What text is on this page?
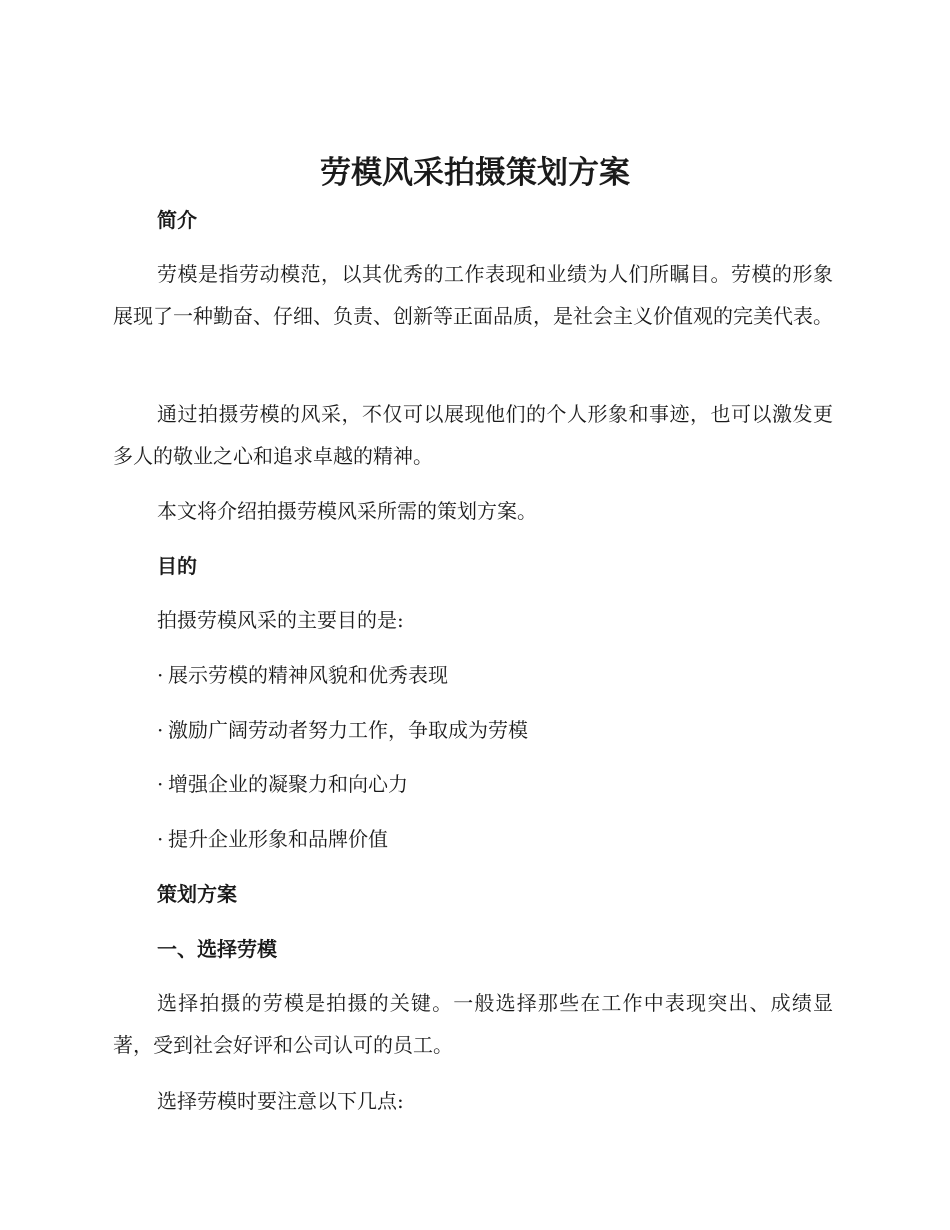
劳模风采拍摄策划方案
简介
劳模是指劳动模范，以其优秀的工作表现和业绩为人们所瞩目。劳模的形象展现了一种勤奋、仔细、负责、创新等正面品质，是社会主义价值观的完美代表。
通过拍摄劳模的风采，不仅可以展现他们的个人形象和事迹，也可以激发更多人的敬业之心和追求卓越的精神。
本文将介绍拍摄劳模风采所需的策划方案。
目的
拍摄劳模风采的主要目的是:
· 展示劳模的精神风貌和优秀表现
· 激励广阔劳动者努力工作，争取成为劳模
· 增强企业的凝聚力和向心力
· 提升企业形象和品牌价值
策划方案
一、选择劳模
选择拍摄的劳模是拍摄的关键。一般选择那些在工作中表现突出、成绩显著，受到社会好评和公司认可的员工。
选择劳模时要注意以下几点:
